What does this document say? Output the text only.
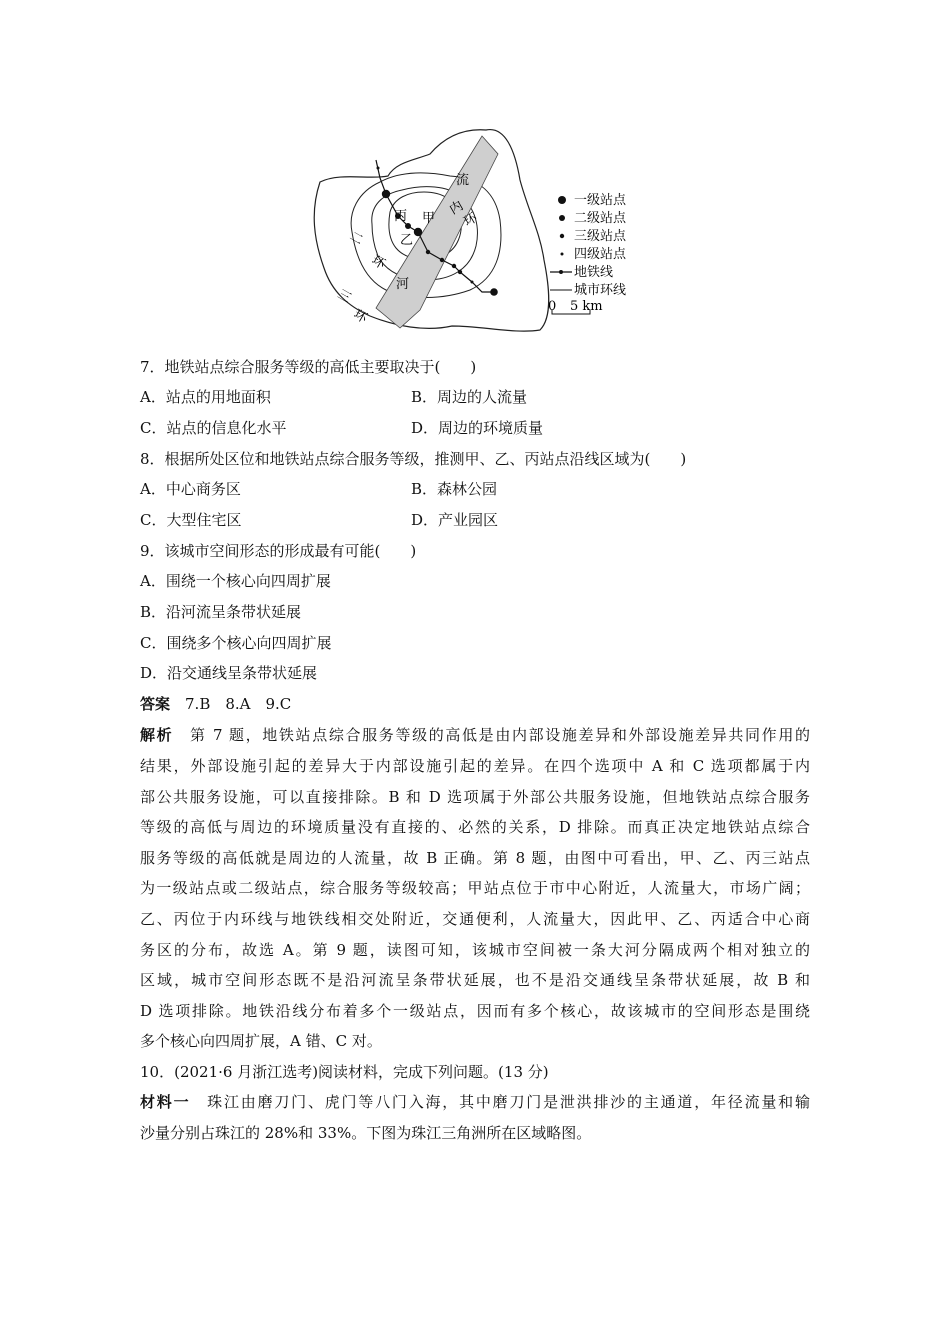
流
内
环
丙 甲
乙
二
环
河
三
环
一级站点
二级站点
三级站点
四级站点
地铁线
城市环线
0 5 km
7．地铁站点综合服务等级的高低主要取决于(　　)
A．站点的用地面积	B．周边的人流量
C．站点的信息化水平	D．周边的环境质量
8．根据所处区位和地铁站点综合服务等级，推测甲、乙、丙站点沿线区域为(　　)
A．中心商务区	B．森林公园
C．大型住宅区	D．产业园区
9．该城市空间形态的形成最有可能(　　)
A．围绕一个核心向四周扩展
B．沿河流呈条带状延展
C．围绕多个核心向四周扩展
D．沿交通线呈条带状延展
答案　7.B　8.A　9.C
解析　第 7 题，地铁站点综合服务等级的高低是由内部设施差异和外部设施差异共同作用的
结果，外部设施引起的差异大于内部设施引起的差异。在四个选项中 A 和 C 选项都属于内
部公共服务设施，可以直接排除。B 和 D 选项属于外部公共服务设施，但地铁站点综合服务
等级的高低与周边的环境质量没有直接的、必然的关系，D 排除。而真正决定地铁站点综合
服务等级的高低就是周边的人流量，故 B 正确。第 8 题，由图中可看出，甲、乙、丙三站点
为一级站点或二级站点，综合服务等级较高；甲站点位于市中心附近，人流量大，市场广阔；
乙、丙位于内环线与地铁线相交处附近，交通便利，人流量大，因此甲、乙、丙适合中心商
务区的分布，故选 A。第 9 题，读图可知，该城市空间被一条大河分隔成两个相对独立的
区域，城市空间形态既不是沿河流呈条带状延展，也不是沿交通线呈条带状延展，故 B 和
D 选项排除。地铁沿线分布着多个一级站点，因而有多个核心，故该城市的空间形态是围绕
多个核心向四周扩展，A 错、C 对。
10．(2021·6 月浙江选考)阅读材料，完成下列问题。(13 分)
材料一　珠江由磨刀门、虎门等八门入海，其中磨刀门是泄洪排沙的主通道，年径流量和输
沙量分别占珠江的 28%和 33%。下图为珠江三角洲所在区域略图。
